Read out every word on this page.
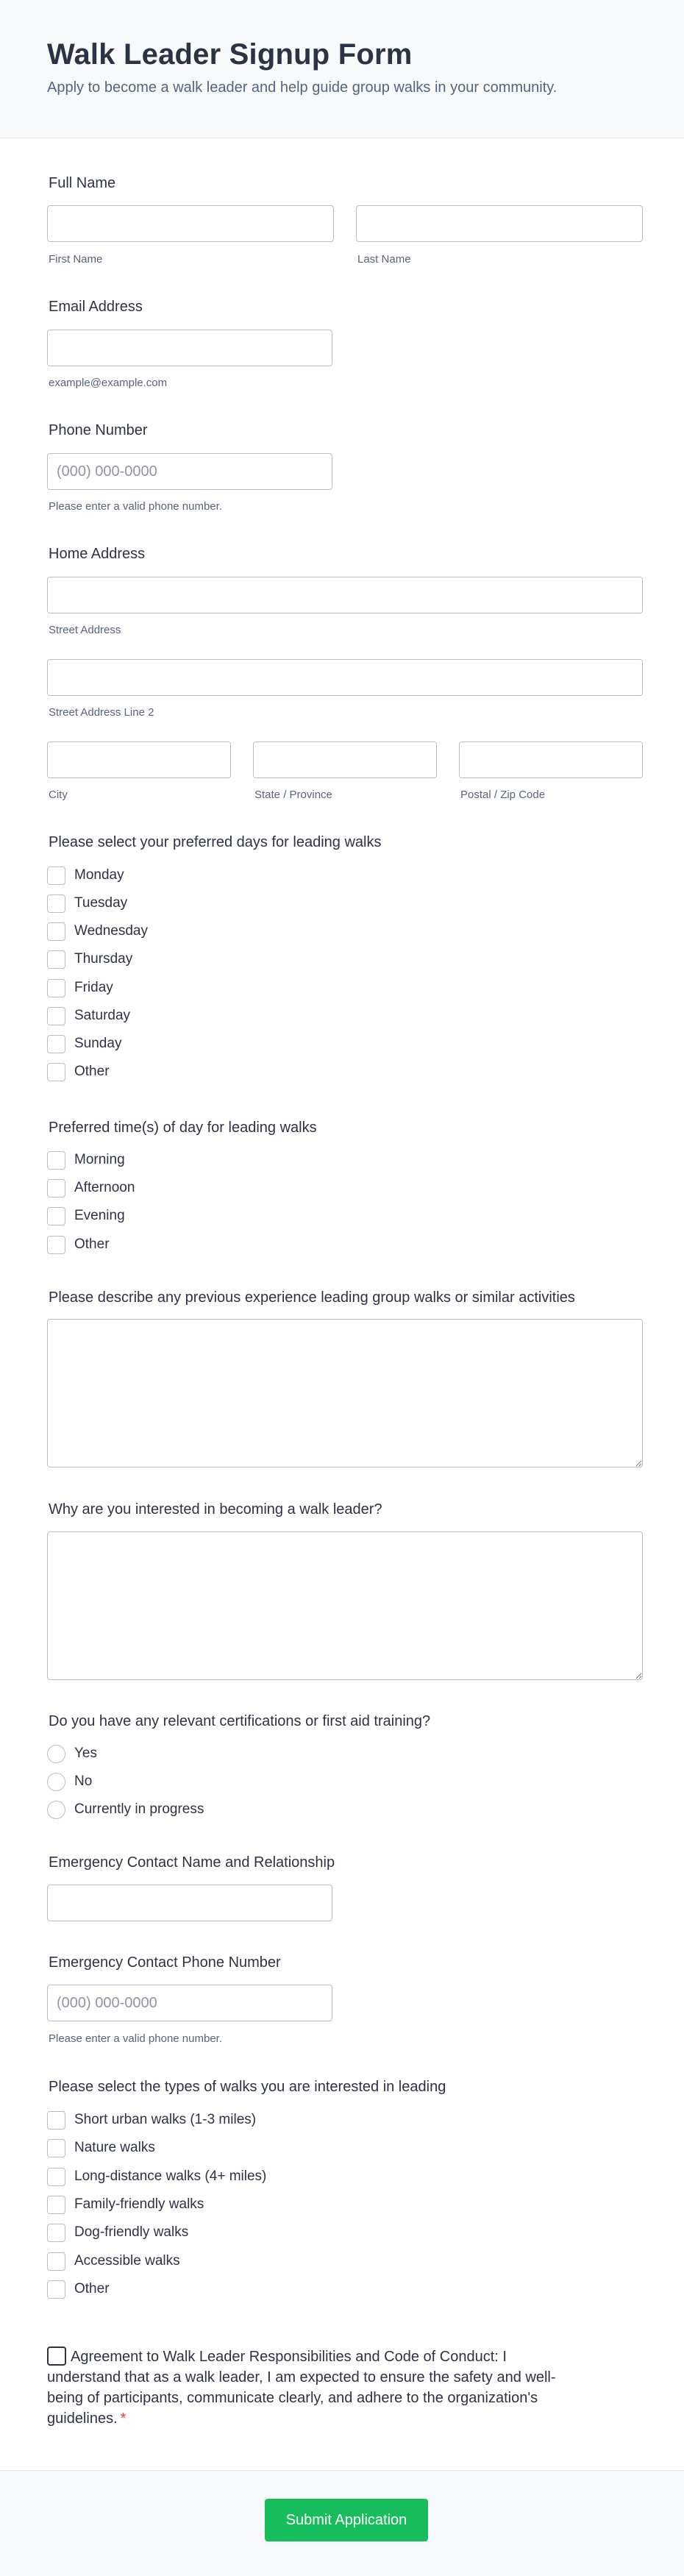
Walk Leader Signup Form
Apply to become a walk leader and help guide group walks in your community.
Full Name
First Name	Last Name
Email Address
example@example.com
Phone Number
(000) 000-0000
Please enter a valid phone number.
Home Address
Street Address
Street Address Line 2
City	State / Province	Postal / Zip Code
Please select your preferred days for leading walks
Monday
Tuesday
Wednesday
Thursday
Friday
Saturday
Sunday
Other
Preferred time(s) of day for leading walks
Morning
Afternoon
Evening
Other
Please describe any previous experience leading group walks or similar activities
Why are you interested in becoming a walk leader?
Do you have any relevant certifications or first aid training?
Yes
No
Currently in progress
Emergency Contact Name and Relationship
Emergency Contact Phone Number
(000) 000-0000
Please enter a valid phone number.
Please select the types of walks you are interested in leading
Short urban walks (1-3 miles)
Nature walks
Long-distance walks (4+ miles)
Family-friendly walks
Dog-friendly walks
Accessible walks
Other
Agreement to Walk Leader Responsibilities and Code of Conduct: I understand that as a walk leader, I am expected to ensure the safety and well-being of participants, communicate clearly, and adhere to the organization's guidelines. *
Submit Application
